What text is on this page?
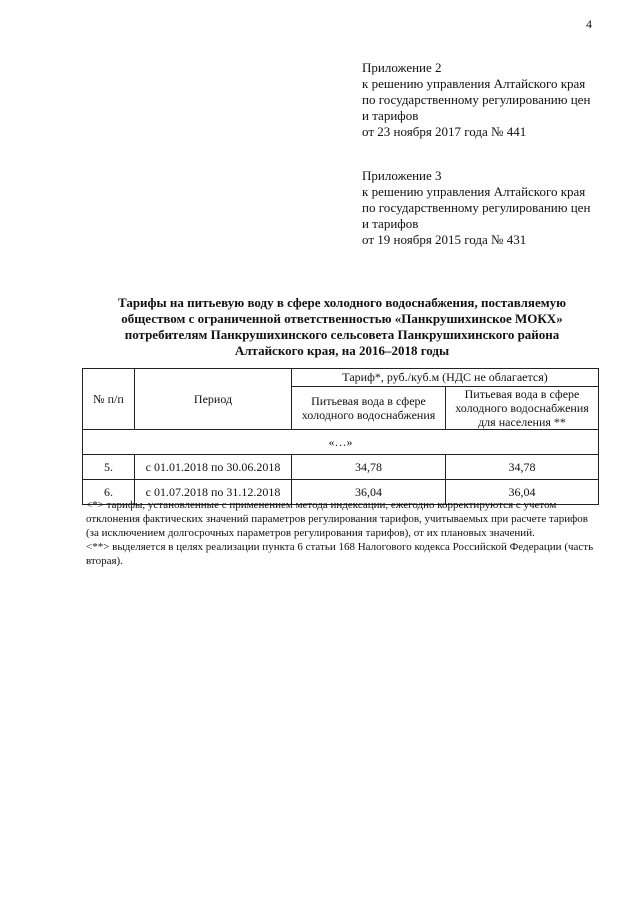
4
Приложение 2
к решению управления Алтайского края
по государственному регулированию цен
и тарифов
от 23 ноября 2017 года № 441
Приложение 3
к решению управления Алтайского края
по государственному регулированию цен
и тарифов
от 19 ноября 2015 года № 431
Тарифы на питьевую воду в сфере холодного водоснабжения, поставляемую
обществом с ограниченной ответственностью «Панкрушихинское МОКХ»
потребителям Панкрушихинского сельсовета Панкрушихинского района
Алтайского края, на 2016–2018 годы
№ п/п	Период	Тариф*, руб./куб.м (НДС не облагается)	
		Питьевая вода в сфере холодного водоснабжения	Питьевая вода в сфере холодного водоснабжения для населения **
«…»			
5.	с 01.01.2018 по 30.06.2018	34,78	34,78
6.	с 01.07.2018 по 31.12.2018	36,04	36,04

<*> тарифы, установленные с применением метода индексации, ежегодно корректируются с учетом отклонения фактических значений параметров регулирования тарифов, учитываемых при расчете тарифов (за исключением долгосрочных параметров регулирования тарифов), от их плановых значений.

<**> выделяется в целях реализации пункта 6 статьи 168 Налогового кодекса Российской Федерации (часть вторая).
